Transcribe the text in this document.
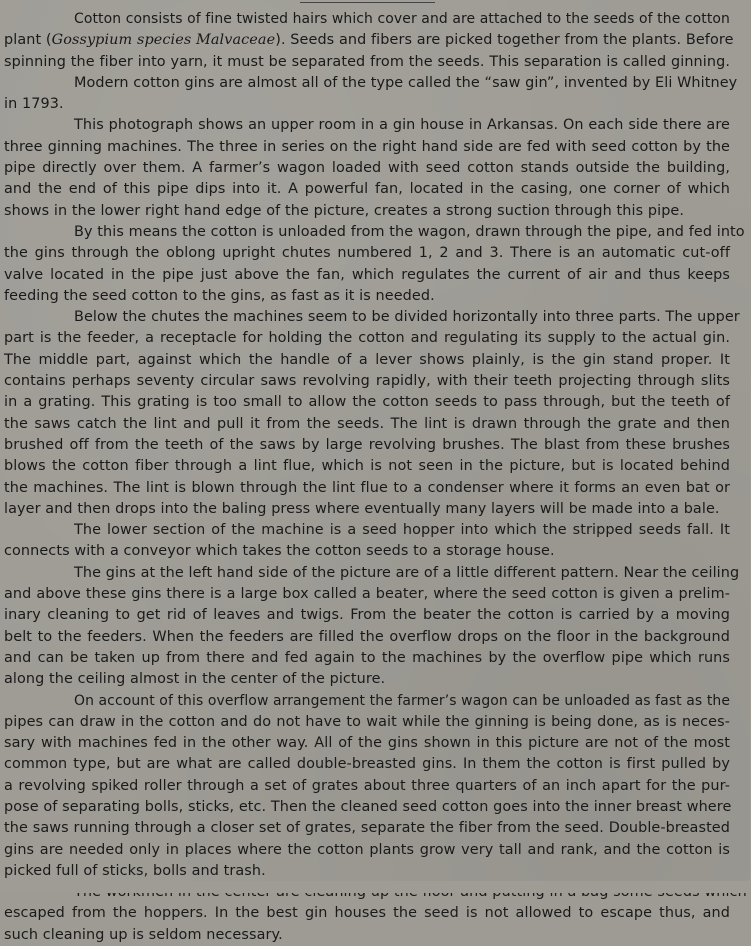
Cotton consists of fine twisted hairs which cover and are attached to the seeds of the cotton
plant (Gossypium species Malvaceae). Seeds and fibers are picked together from the plants. Before
spinning the fiber into yarn, it must be separated from the seeds. This separation is called ginning.
Modern cotton gins are almost all of the type called the “saw gin”, invented by Eli Whitney
in 1793.
This photograph shows an upper room in a gin house in Arkansas. On each side there are
three ginning machines. The three in series on the right hand side are fed with seed cotton by the
pipe directly over them. A farmer’s wagon loaded with seed cotton stands outside the building,
and the end of this pipe dips into it. A powerful fan, located in the casing, one corner of which
shows in the lower right hand edge of the picture, creates a strong suction through this pipe.
By this means the cotton is unloaded from the wagon, drawn through the pipe, and fed into
the gins through the oblong upright chutes numbered 1, 2 and 3. There is an automatic cut-off
valve located in the pipe just above the fan, which regulates the current of air and thus keeps
feeding the seed cotton to the gins, as fast as it is needed.
Below the chutes the machines seem to be divided horizontally into three parts. The upper
part is the feeder, a receptacle for holding the cotton and regulating its supply to the actual gin.
The middle part, against which the handle of a lever shows plainly, is the gin stand proper. It
contains perhaps seventy circular saws revolving rapidly, with their teeth projecting through slits
in a grating. This grating is too small to allow the cotton seeds to pass through, but the teeth of
the saws catch the lint and pull it from the seeds. The lint is drawn through the grate and then
brushed off from the teeth of the saws by large revolving brushes. The blast from these brushes
blows the cotton fiber through a lint flue, which is not seen in the picture, but is located behind
the machines. The lint is blown through the lint flue to a condenser where it forms an even bat or
layer and then drops into the baling press where eventually many layers will be made into a bale.
The lower section of the machine is a seed hopper into which the stripped seeds fall. It
connects with a conveyor which takes the cotton seeds to a storage house.
The gins at the left hand side of the picture are of a little different pattern. Near the ceiling
and above these gins there is a large box called a beater, where the seed cotton is given a prelim-
inary cleaning to get rid of leaves and twigs. From the beater the cotton is carried by a moving
belt to the feeders. When the feeders are filled the overflow drops on the floor in the background
and can be taken up from there and fed again to the machines by the overflow pipe which runs
along the ceiling almost in the center of the picture.
On account of this overflow arrangement the farmer’s wagon can be unloaded as fast as the
pipes can draw in the cotton and do not have to wait while the ginning is being done, as is neces-
sary with machines fed in the other way. All of the gins shown in this picture are not of the most
common type, but are what are called double-breasted gins. In them the cotton is first pulled by
a revolving spiked roller through a set of grates about three quarters of an inch apart for the pur-
pose of separating bolls, sticks, etc. Then the cleaned seed cotton goes into the inner breast where
the saws running through a closer set of grates, separate the fiber from the seed. Double-breasted
gins are needed only in places where the cotton plants grow very tall and rank, and the cotton is
picked full of sticks, bolls and trash.
escaped from the hoppers. In the best gin houses the seed is not allowed to escape thus, and
such cleaning up is seldom necessary.
